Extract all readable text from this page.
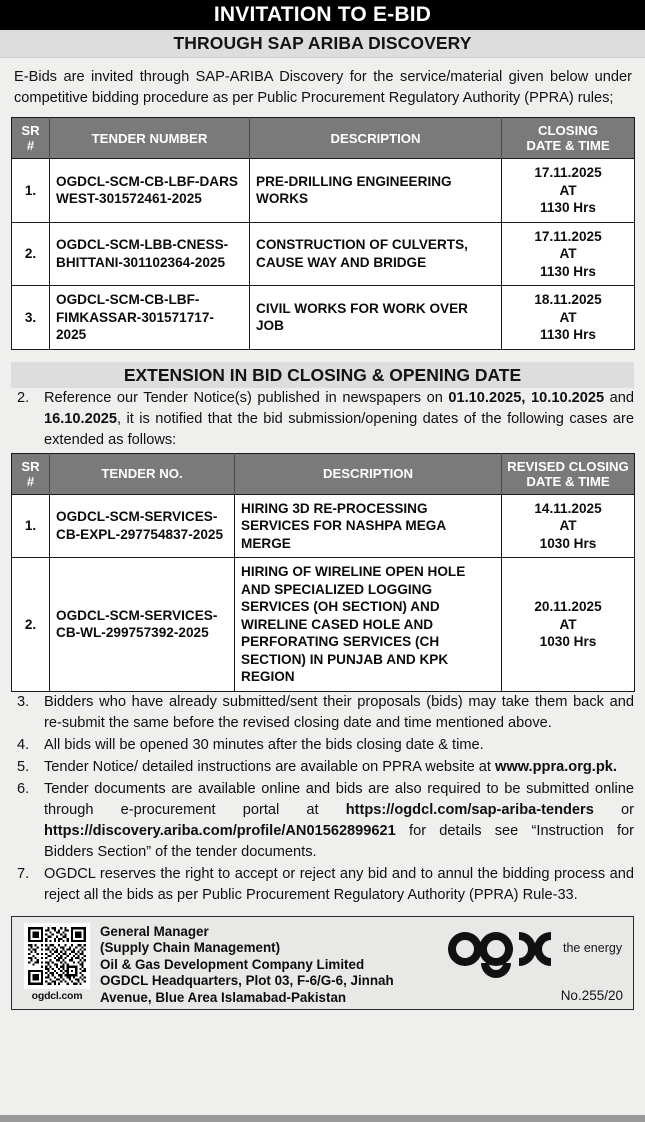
INVITATION TO E-BID
THROUGH SAP ARIBA DISCOVERY

E-Bids are invited through SAP-ARIBA Discovery for the service/material given below under competitive bidding procedure as per Public Procurement Regulatory Authority (PPRA) rules;

SR
#	TENDER NUMBER	DESCRIPTION	CLOSING
DATE & TIME
1.	OGDCL-SCM-CB-LBF-DARS WEST-301572461-2025	PRE-DRILLING ENGINEERING WORKS	17.11.2025
AT
1130 Hrs
2.	OGDCL-SCM-LBB-CNESS-BHITTANI-301102364-2025	CONSTRUCTION OF CULVERTS, CAUSE WAY AND BRIDGE	17.11.2025
AT
1130 Hrs
3.	OGDCL-SCM-CB-LBF-FIMKASSAR-301571717-2025	CIVIL WORKS FOR WORK OVER JOB	18.11.2025
AT
1130 Hrs
EXTENSION IN BID CLOSING & OPENING DATE
2. Reference our Tender Notice(s) published in newspapers on 01.10.2025, 10.10.2025 and 16.10.2025, it is notified that the bid submission/opening dates of the following cases are extended as follows:
SR
#	TENDER NO.	DESCRIPTION	REVISED CLOSING
DATE & TIME
1.	OGDCL-SCM-SERVICES-CB-EXPL-297754837-2025	HIRING 3D RE-PROCESSING SERVICES FOR NASHPA MEGA MERGE	14.11.2025
AT
1030 Hrs
2.	OGDCL-SCM-SERVICES-CB-WL-299757392-2025	HIRING OF WIRELINE OPEN HOLE AND SPECIALIZED LOGGING SERVICES (OH SECTION) AND WIRELINE CASED HOLE AND PERFORATING SERVICES (CH SECTION) IN PUNJAB AND KPK REGION	20.11.2025
AT
1030 Hrs
3. Bidders who have already submitted/sent their proposals (bids) may take them back and re-submit the same before the revised closing date and time mentioned above.
4. All bids will be opened 30 minutes after the bids closing date & time.
5. Tender Notice/ detailed instructions are available on PPRA website at www.ppra.org.pk.
6. Tender documents are available online and bids are also required to be submitted online through e-procurement portal at https://ogdcl.com/sap-ariba-tenders or https://discovery.ariba.com/profile/AN01562899621 for details see “Instruction for Bidders Section” of the tender documents.
7. OGDCL reserves the right to accept or reject any bid and to annul the bidding process and reject all the bids as per Public Procurement Regulatory Authority (PPRA) Rule-33.
ogdcl.com
General Manager
(Supply Chain Management)
Oil & Gas Development Company Limited
OGDCL Headquarters, Plot 03, F-6/G-6, Jinnah
Avenue, Blue Area Islamabad-Pakistan
the energy
No.255/20
